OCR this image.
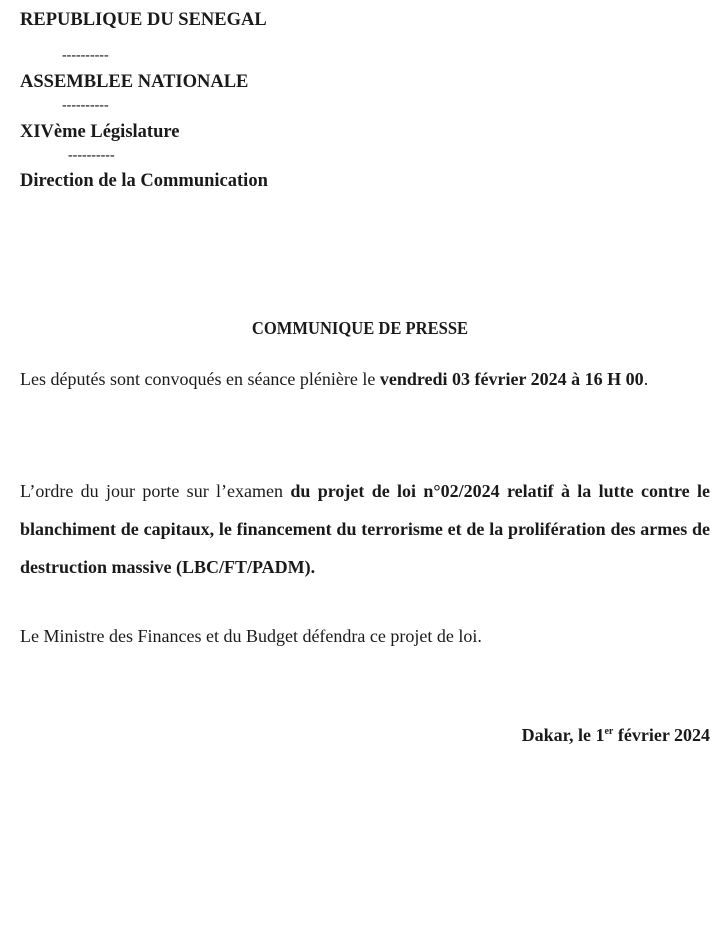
REPUBLIQUE DU SENEGAL
----------
ASSEMBLEE NATIONALE
----------
XIVème Législature
----------
Direction de la Communication
COMMUNIQUE DE PRESSE
Les députés sont convoqués en séance plénière le vendredi 03 février 2024 à 16 H 00.
L’ordre du jour porte sur l’examen du projet de loi n°02/2024 relatif à la lutte contre le blanchiment de capitaux, le financement du terrorisme et de la prolifération des armes de destruction massive (LBC/FT/PADM).
Le Ministre des Finances et du Budget défendra ce projet de loi.
Dakar, le 1er février 2024
